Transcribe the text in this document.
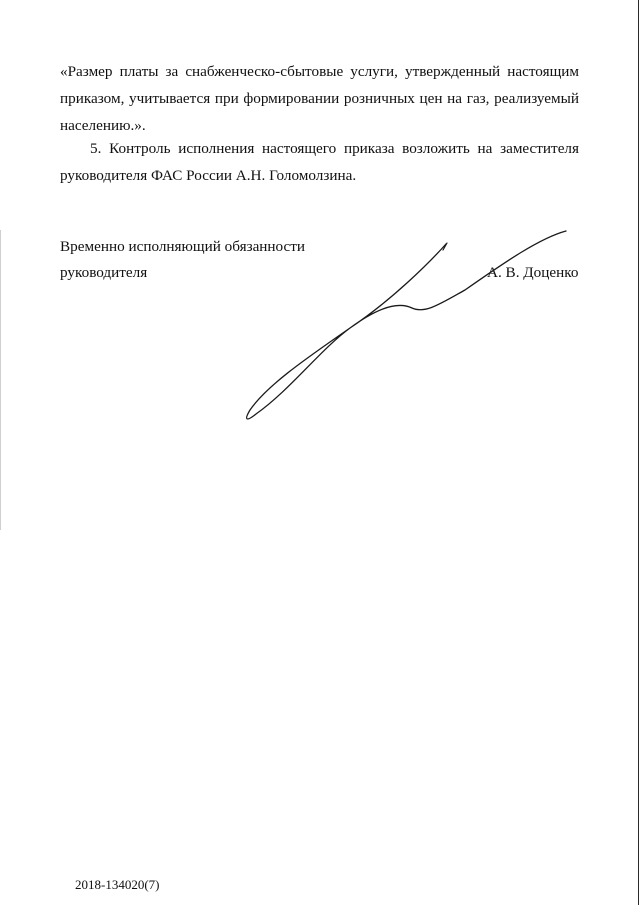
«Размер платы за снабженческо-сбытовые услуги, утвержденный настоящим приказом, учитывается при формировании розничных цен на газ, реализуемый населению.».

5. Контроль исполнения настоящего приказа возложить на заместителя руководителя ФАС России А.Н. Голомолзина.

Временно исполняющий обязанности
руководителя	А. В. Доценко
2018-134020(7)
